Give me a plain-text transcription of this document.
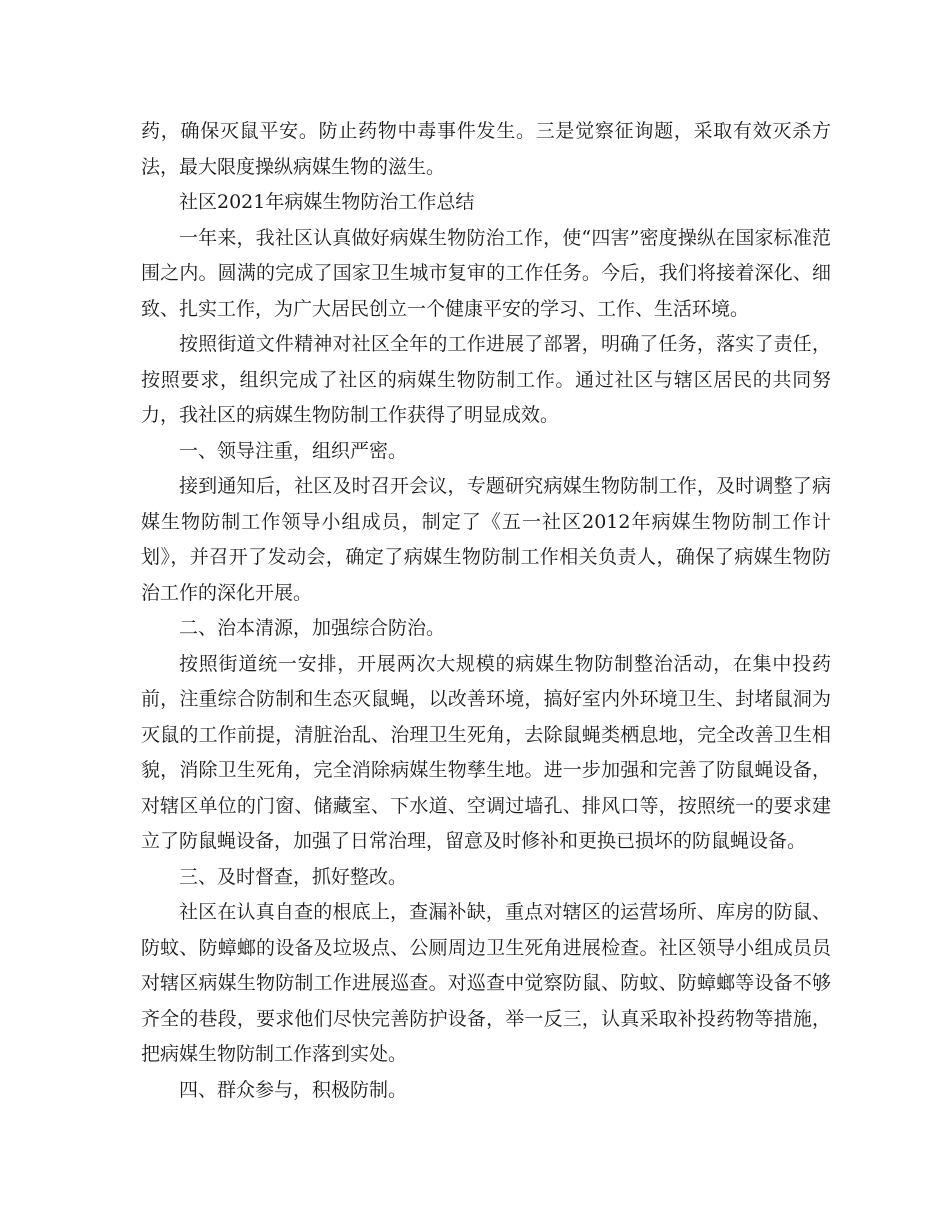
药，确保灭鼠平安。防止药物中毒事件发生。三是觉察征询题，采取有效灭杀方法，最大限度操纵病媒生物的滋生。

社区2021年病媒生物防治工作总结

一年来，我社区认真做好病媒生物防治工作，使“四害”密度操纵在国家标准范围之内。圆满的完成了国家卫生城市复审的工作任务。今后，我们将接着深化、细致、扎实工作，为广大居民创立一个健康平安的学习、工作、生活环境。

按照街道文件精神对社区全年的工作进展了部署，明确了任务，落实了责任，按照要求，组织完成了社区的病媒生物防制工作。通过社区与辖区居民的共同努力，我社区的病媒生物防制工作获得了明显成效。

一、领导注重，组织严密。

接到通知后，社区及时召开会议，专题研究病媒生物防制工作，及时调整了病媒生物防制工作领导小组成员，制定了《五一社区2012年病媒生物防制工作计划》，并召开了发动会，确定了病媒生物防制工作相关负责人，确保了病媒生物防治工作的深化开展。

二、治本清源，加强综合防治。

按照街道统一安排，开展两次大规模的病媒生物防制整治活动，在集中投药前，注重综合防制和生态灭鼠蝇，以改善环境，搞好室内外环境卫生、封堵鼠洞为灭鼠的工作前提，清脏治乱、治理卫生死角，去除鼠蝇类栖息地，完全改善卫生相貌，消除卫生死角，完全消除病媒生物孳生地。进一步加强和完善了防鼠蝇设备，对辖区单位的门窗、储藏室、下水道、空调过墙孔、排风口等，按照统一的要求建立了防鼠蝇设备，加强了日常治理，留意及时修补和更换已损坏的防鼠蝇设备。

三、及时督查，抓好整改。

社区在认真自查的根底上，查漏补缺，重点对辖区的运营场所、库房的防鼠、防蚊、防蟑螂的设备及垃圾点、公厕周边卫生死角进展检查。社区领导小组成员员对辖区病媒生物防制工作进展巡查。对巡查中觉察防鼠、防蚊、防蟑螂等设备不够齐全的巷段，要求他们尽快完善防护设备，举一反三，认真采取补投药物等措施，把病媒生物防制工作落到实处。

四、群众参与，积极防制。
